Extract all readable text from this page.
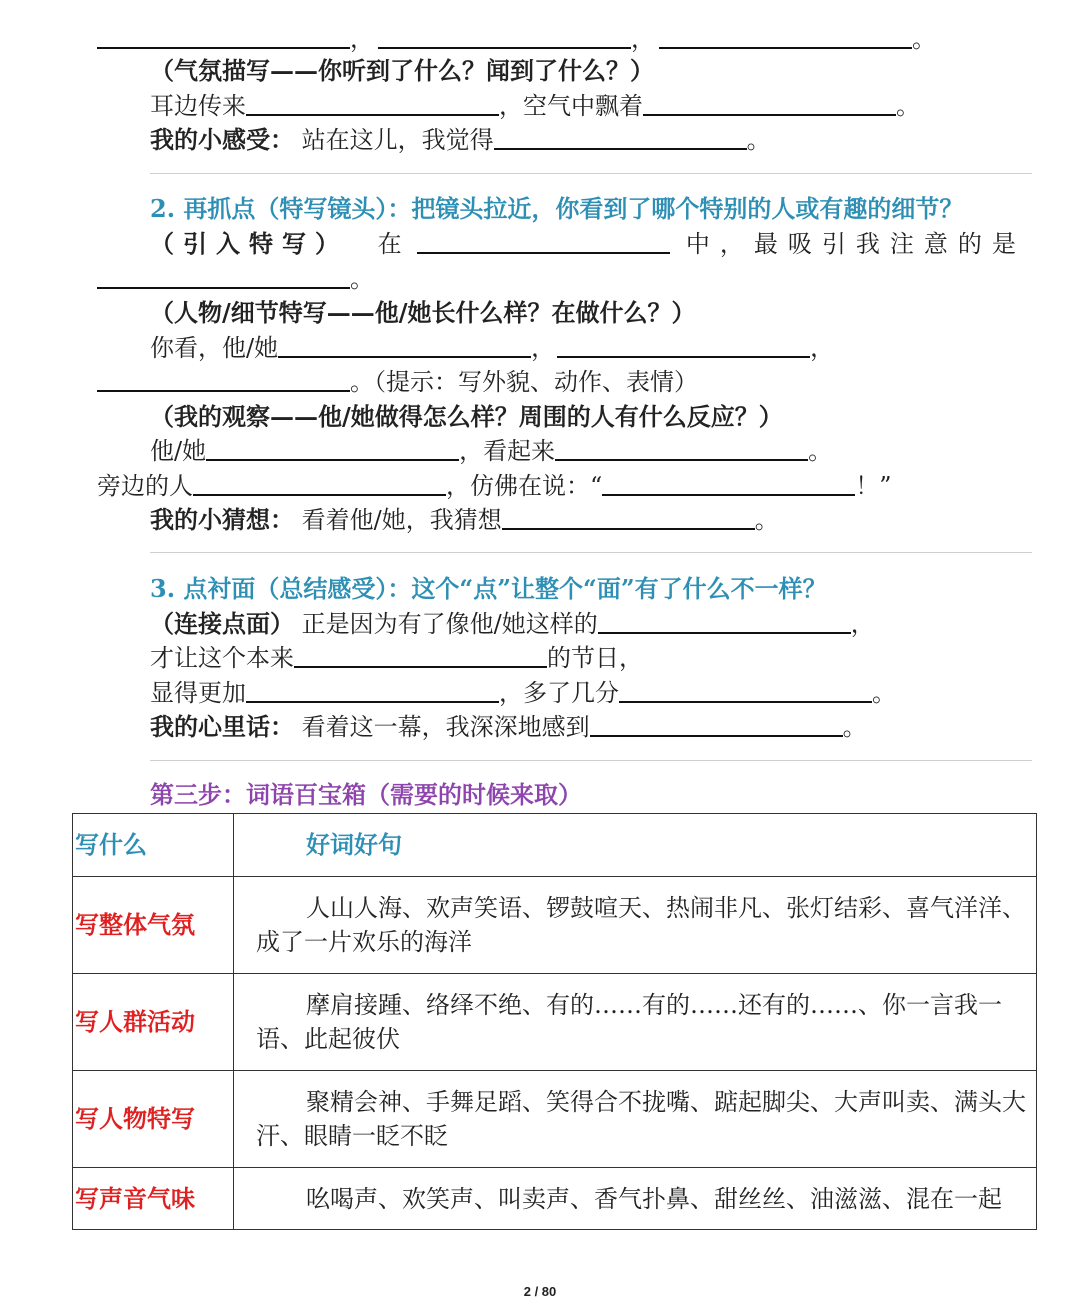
，	，	。
（气氛描写——你听到了什么？闻到了什么？）
耳边传来	，空气中飘着	。
我的小感受： 站在这儿，我觉得	。
2. 再抓点（特写镜头）：把镜头拉近，你看到了哪个特别的人或有趣的细节？
（引入特写） 在	中，最吸引我注意的是
。
（人物/细节特写——他/她长什么样？在做什么？）
你看，他/她	，	，
。（提示：写外貌、动作、表情）
（我的观察——他/她做得怎么样？周围的人有什么反应？）
他/她	，看起来	。
旁边的人	，仿佛在说：“	！”
我的小猜想： 看着他/她，我猜想	。
3. 点衬面（总结感受）：这个“点”让整个“面”有了什么不一样？
（连接点面） 正是因为有了像他/她这样的	，
才让这个本来	的节日，
显得更加	，多了几分	。
我的心里话： 看着这一幕，我深深地感到	。
第三步：词语百宝箱（需要的时候来取）
写什么	好词好句
写整体气氛	人山人海、欢声笑语、锣鼓喧天、热闹非凡、张灯结彩、喜气洋洋、成了一片欢乐的海洋
写人群活动	摩肩接踵、络绎不绝、有的……有的……还有的……、你一言我一语、此起彼伏
写人物特写	聚精会神、手舞足蹈、笑得合不拢嘴、踮起脚尖、大声叫卖、满头大汗、眼睛一眨不眨
写声音气味	吆喝声、欢笑声、叫卖声、香气扑鼻、甜丝丝、油滋滋、混在一起
2 / 80
